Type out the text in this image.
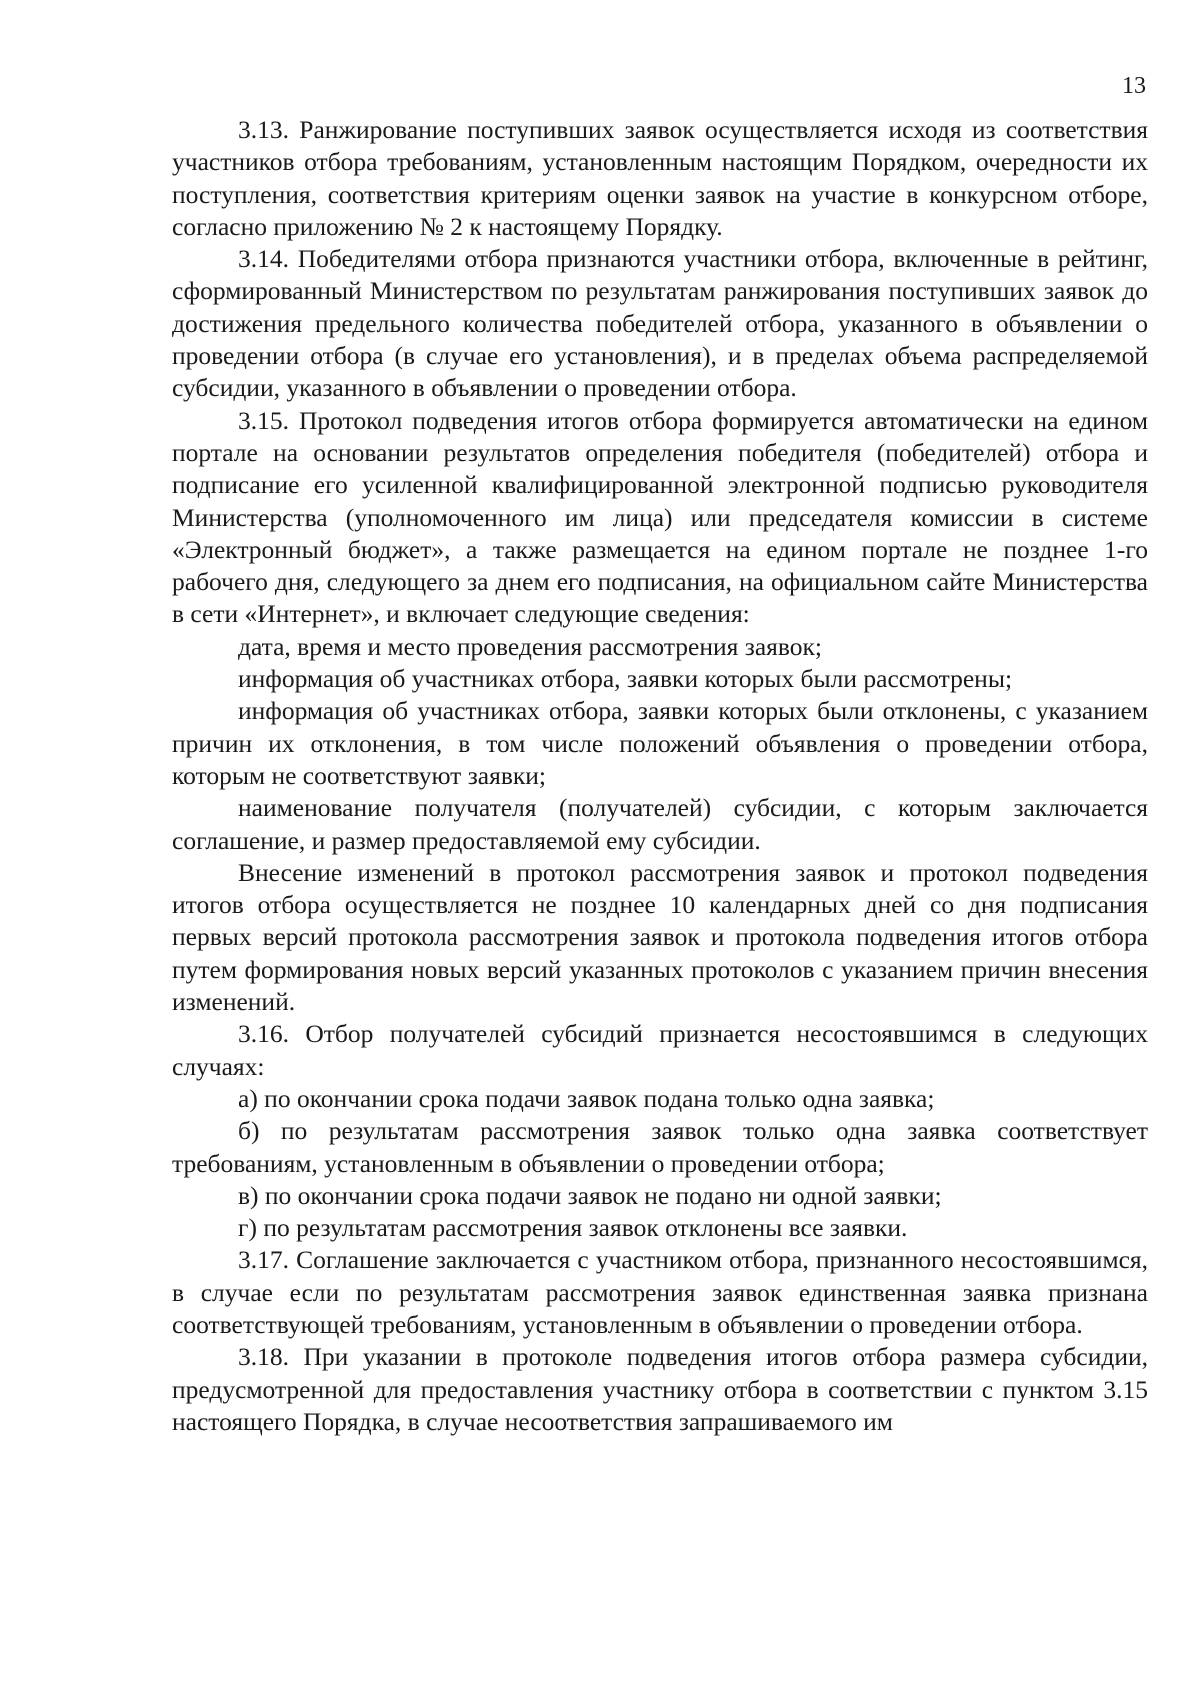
13

3.13. Ранжирование поступивших заявок осуществляется исходя из соответствия участников отбора требованиям, установленным настоящим Порядком, очередности их поступления, соответствия критериям оценки заявок на участие в конкурсном отборе, согласно приложению № 2 к настоящему Порядку.

3.14. Победителями отбора признаются участники отбора, включенные в рейтинг, сформированный Министерством по результатам ранжирования поступивших заявок до достижения предельного количества победителей отбора, указанного в объявлении о проведении отбора (в случае его установления), и в пределах объема распределяемой субсидии, указанного в объявлении о проведении отбора.

3.15. Протокол подведения итогов отбора формируется автоматически на едином портале на основании результатов определения победителя (победителей) отбора и подписание его усиленной квалифицированной электронной подписью руководителя Министерства (уполномоченного им лица) или председателя комиссии в системе «Электронный бюджет», а также размещается на едином портале не позднее 1-го рабочего дня, следующего за днем его подписания, на официальном сайте Министерства в сети «Интернет», и включает следующие сведения:

дата, время и место проведения рассмотрения заявок;

информация об участниках отбора, заявки которых были рассмотрены;

информация об участниках отбора, заявки которых были отклонены, с указанием причин их отклонения, в том числе положений объявления о проведении отбора, которым не соответствуют заявки;

наименование получателя (получателей) субсидии, с которым заключается соглашение, и размер предоставляемой ему субсидии.

Внесение изменений в протокол рассмотрения заявок и протокол подведения итогов отбора осуществляется не позднее 10 календарных дней со дня подписания первых версий протокола рассмотрения заявок и протокола подведения итогов отбора путем формирования новых версий указанных протоколов с указанием причин внесения изменений.

3.16. Отбор получателей субсидий признается несостоявшимся в следующих случаях:

а) по окончании срока подачи заявок подана только одна заявка;

б) по результатам рассмотрения заявок только одна заявка соответствует требованиям, установленным в объявлении о проведении отбора;

в) по окончании срока подачи заявок не подано ни одной заявки;

г) по результатам рассмотрения заявок отклонены все заявки.

3.17. Соглашение заключается с участником отбора, признанного несостоявшимся, в случае если по результатам рассмотрения заявок единственная заявка признана соответствующей требованиям, установленным в объявлении о проведении отбора.

3.18. При указании в протоколе подведения итогов отбора размера субсидии, предусмотренной для предоставления участнику отбора в соответствии с пунктом 3.15 настоящего Порядка, в случае несоответствия запрашиваемого им
